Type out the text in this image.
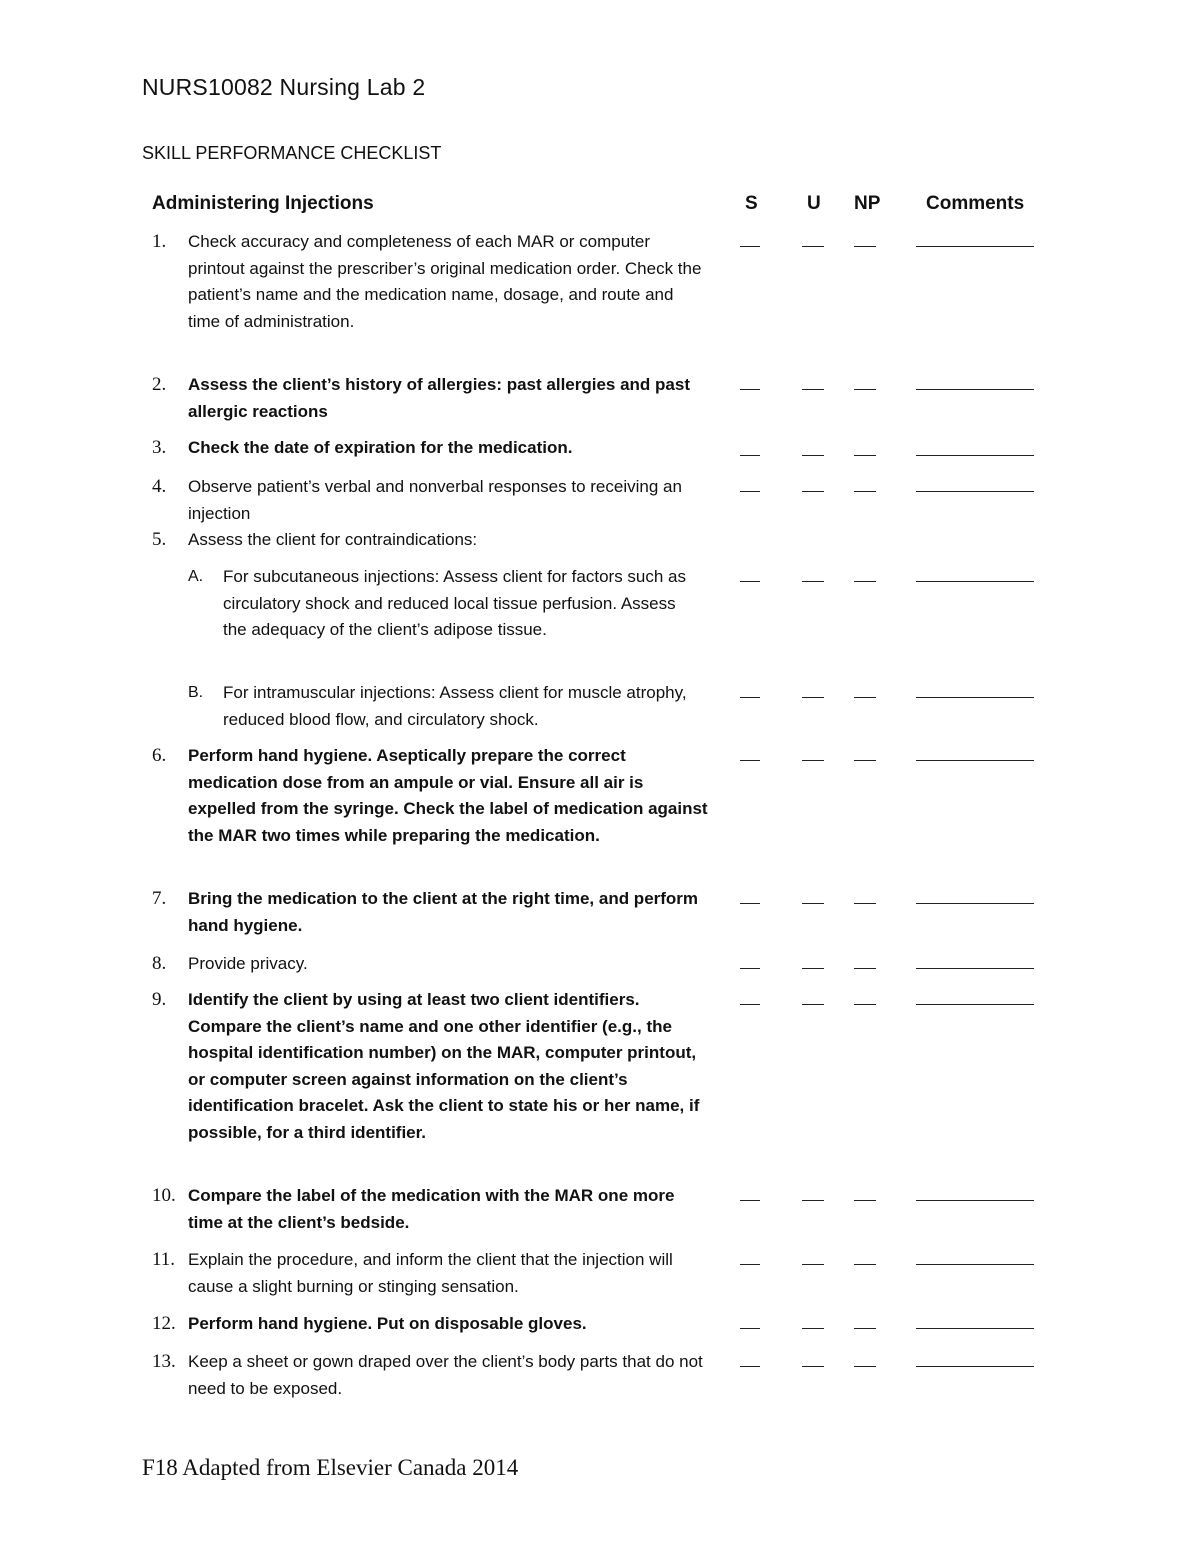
NURS10082 Nursing Lab 2
SKILL PERFORMANCE CHECKLIST
Administering Injections	S	U NP Comments
1. Check accuracy and completeness of each MAR or computer printout against the prescriber’s original medication order. Check the patient’s name and the medication name, dosage, and route and time of administration.
2. Assess the client’s history of allergies: past allergies and past allergic reactions
3. Check the date of expiration for the medication.
4. Observe patient’s verbal and nonverbal responses to receiving an injection
5. Assess the client for contraindications:
A. For subcutaneous injections: Assess client for factors such as circulatory shock and reduced local tissue perfusion. Assess the adequacy of the client’s adipose tissue.
B. For intramuscular injections: Assess client for muscle atrophy, reduced blood flow, and circulatory shock.
6. Perform hand hygiene. Aseptically prepare the correct medication dose from an ampule or vial. Ensure all air is expelled from the syringe. Check the label of medication against the MAR two times while preparing the medication.
7. Bring the medication to the client at the right time, and perform hand hygiene.
8. Provide privacy.
9. Identify the client by using at least two client identifiers. Compare the client’s name and one other identifier (e.g., the hospital identification number) on the MAR, computer printout, or computer screen against information on the client’s identification bracelet. Ask the client to state his or her name, if possible, for a third identifier.
10. Compare the label of the medication with the MAR one more time at the client’s bedside.
11. Explain the procedure, and inform the client that the injection will cause a slight burning or stinging sensation.
12. Perform hand hygiene. Put on disposable gloves.
13. Keep a sheet or gown draped over the client’s body parts that do not need to be exposed.
F18 Adapted from Elsevier Canada 2014
